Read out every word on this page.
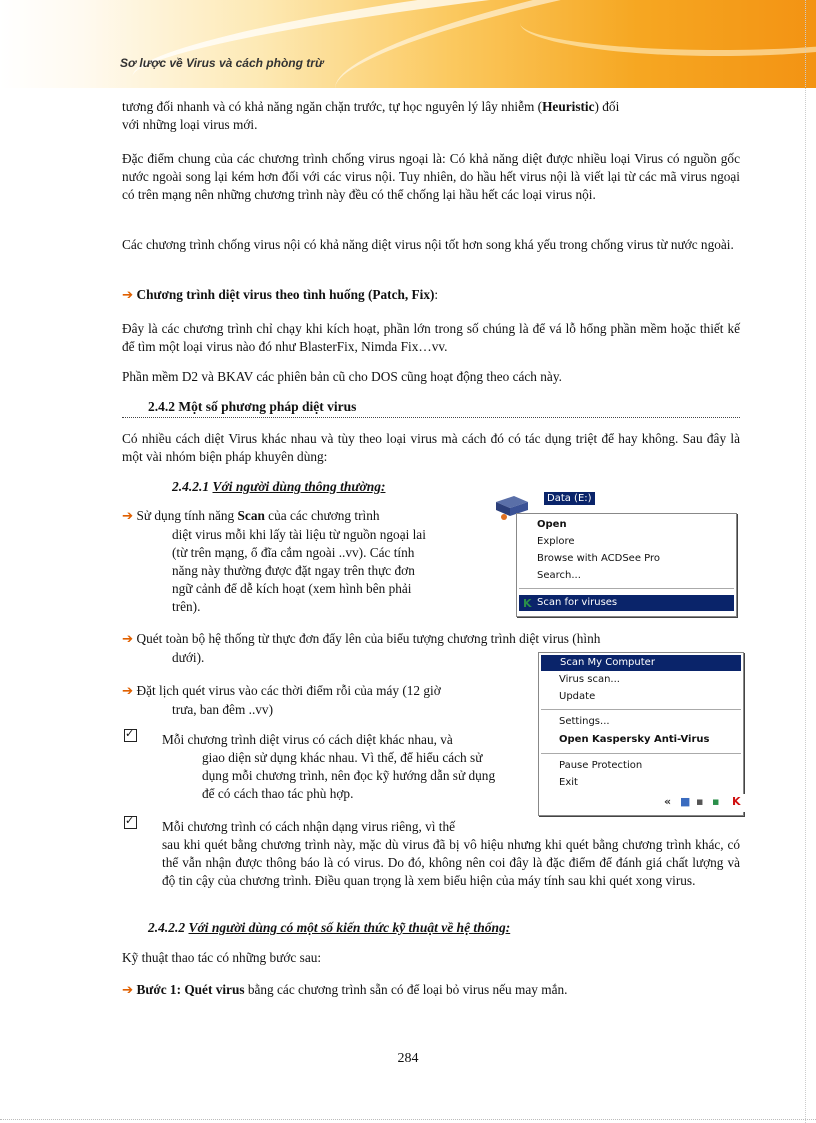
Sơ lược về Virus và cách phòng trừ

tương đối nhanh và có khả năng ngăn chặn trước, tự học nguyên lý lây nhiễm (Heuristic) đối
với những loại virus mới.

Đặc điểm chung của các chương trình chống virus ngoại là: Có khả năng diệt được nhiều loại Virus có nguồn gốc nước ngoài song lại kém hơn đối với các virus nội. Tuy nhiên, do hầu hết virus nội là viết lại từ các mã virus ngoại có trên mạng nên những chương trình này đều có thể chống lại hầu hết các loại virus nội.

Các chương trình chống virus nội có khả năng diệt virus nội tốt hơn song khá yếu trong chống virus từ nước ngoài.

➔ Chương trình diệt virus theo tình huống (Patch, Fix):

Đây là các chương trình chỉ chạy khi kích hoạt, phần lớn trong số chúng là để vá lỗ hổng phần mềm hoặc thiết kế để tìm một loại virus nào đó như BlasterFix, Nimda Fix…vv.

Phần mềm D2 và BKAV các phiên bản cũ cho DOS cũng hoạt động theo cách này.

2.4.2 Một số phương pháp diệt virus

Có nhiều cách diệt Virus khác nhau và tùy theo loại virus mà cách đó có tác dụng triệt để hay không. Sau đây là một vài nhóm biện pháp khuyên dùng:

2.4.2.1 Với người dùng thông thường:
➔ Sử dụng tính năng Scan của các chương trình
diệt virus mỗi khi lấy tài liệu từ nguồn ngoại lai
(từ trên mạng, ổ đĩa cắm ngoài ..vv). Các tính
năng này thường được đặt ngay trên thực đơn
ngữ cảnh để dễ kích hoạt (xem hình bên phải
trên).
Data (E:)
Open
Explore
Browse with ACDSee Pro
Search...
K Scan for viruses
➔ Quét toàn bộ hệ thống từ thực đơn đẩy lên của biểu tượng chương trình diệt virus (hình
dưới).
➔ Đặt lịch quét virus vào các thời điểm rỗi của máy (12 giờ
trưa, ban đêm ..vv)
✓ Mỗi chương trình diệt virus có cách diệt khác nhau, và
giao diện sử dụng khác nhau. Vì thế, để hiểu cách sử
dụng mỗi chương trình, nên đọc kỹ hướng dẫn sử dụng
để có cách thao tác phù hợp.
Scan My Computer
Virus scan...
Update
Settings...
Open Kaspersky Anti-Virus
Pause Protection
Exit
« ■ ▪ ▪ K
✓ Mỗi chương trình có cách nhận dạng virus riêng, vì thế

sau khi quét bằng chương trình này, mặc dù virus đã bị vô hiệu nhưng khi quét bằng chương trình khác, có thể vẫn nhận được thông báo là có virus. Do đó, không nên coi đây là đặc điểm để đánh giá chất lượng và độ tin cậy của chương trình. Điều quan trọng là xem biểu hiện của máy tính sau khi quét xong virus.

2.4.2.2 Với người dùng có một số kiến thức kỹ thuật về hệ thống:

Kỹ thuật thao tác có những bước sau:

➔ Bước 1: Quét virus bằng các chương trình sẵn có để loại bỏ virus nếu may mắn.

284
